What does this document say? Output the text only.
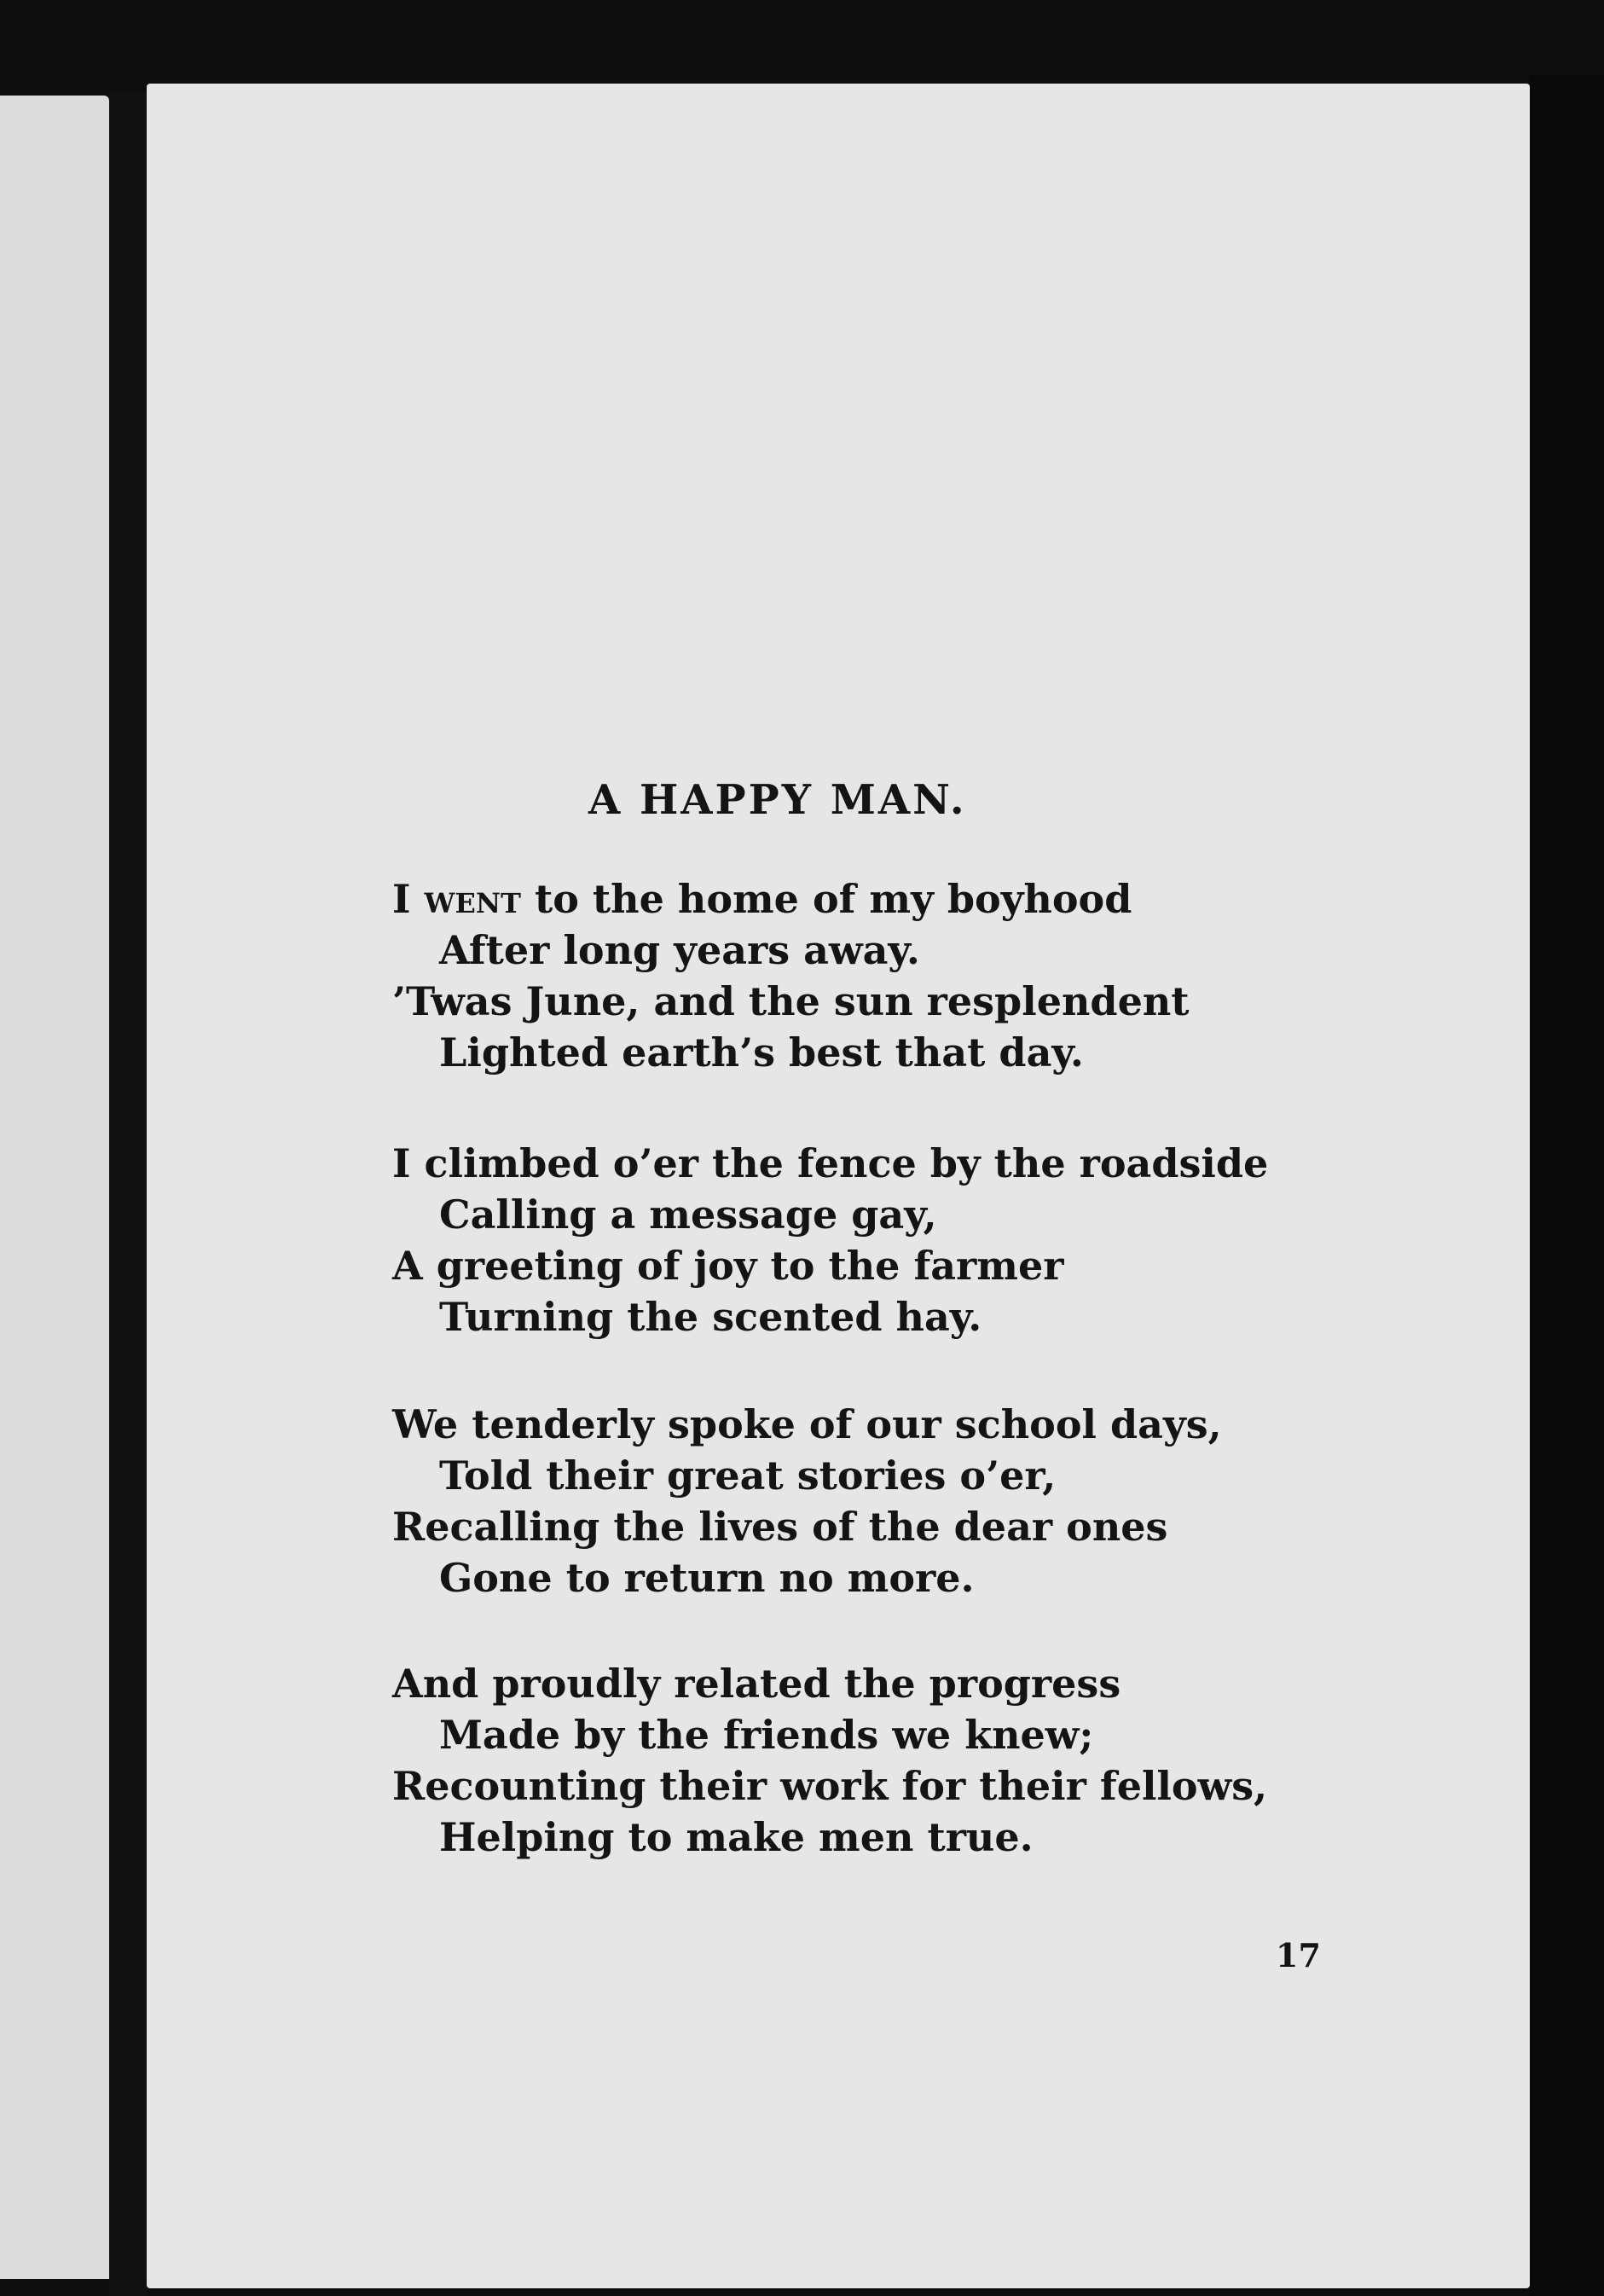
A HAPPY MAN.
I went to the home of my boyhood
After long years away.
’Twas June, and the sun resplendent
Lighted earth’s best that day.
I climbed o’er the fence by the roadside
Calling a message gay,
A greeting of joy to the farmer
Turning the scented hay.
We tenderly spoke of our school days,
Told their great stories o’er,
Recalling the lives of the dear ones
Gone to return no more.
And proudly related the progress
Made by the friends we knew;
Recounting their work for their fellows,
Helping to make men true.
17
